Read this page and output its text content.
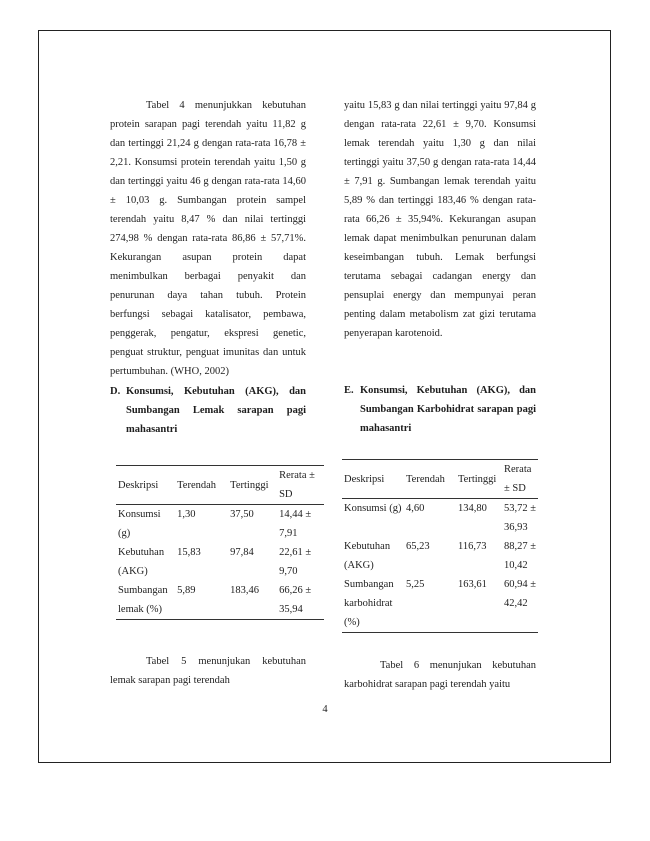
Tabel 4 menunjukkan kebutuhan protein sarapan pagi terendah yaitu 11,82 g dan tertinggi 21,24 g dengan rata-rata 16,78 ± 2,21. Konsumsi protein terendah yaitu 1,50 g dan tertinggi yaitu 46 g dengan rata-rata 14,60 ± 10,03 g. Sumbangan protein sampel terendah yaitu 8,47 % dan nilai tertinggi 274,98 % dengan rata-rata 86,86 ± 57,71%. Kekurangan asupan protein dapat menimbulkan berbagai penyakit dan penurunan daya tahan tubuh. Protein berfungsi sebagai katalisator, pembawa, penggerak, pengatur, ekspresi genetic, penguat struktur, penguat imunitas dan untuk pertumbuhan. (WHO, 2002)

D. Konsumsi, Kebutuhan (AKG), dan Sumbangan Lemak sarapan pagi mahasantri
Deskripsi	Terendah	Tertinggi	Rerata ± SD
Konsumsi (g)	1,30	37,50	14,44 ± 7,91
Kebutuhan (AKG)	15,83	97,84	22,61 ± 9,70
Sumbangan lemak (%)	5,89	183,46	66,26 ± 35,94

Tabel 5 menunjukan kebutuhan lemak sarapan pagi terendah

yaitu 15,83 g dan nilai tertinggi yaitu 97,84 g dengan rata-rata 22,61 ± 9,70. Konsumsi lemak terendah yaitu 1,30 g dan nilai tertinggi yaitu 37,50 g dengan rata-rata 14,44 ± 7,91 g. Sumbangan lemak terendah yaitu 5,89 % dan tertinggi 183,46 % dengan rata-rata 66,26 ± 35,94%. Kekurangan asupan lemak dapat menimbulkan penurunan dalam keseimbangan tubuh. Lemak berfungsi terutama sebagai cadangan energy dan pensuplai energy dan mempunyai peran penting dalam metabolism zat gizi terutama penyerapan karotenoid.

E. Konsumsi, Kebutuhan (AKG), dan Sumbangan Karbohidrat sarapan pagi mahasantri
Deskripsi	Terendah	Tertinggi	Rerata ± SD
Konsumsi (g)	4,60	134,80	53,72 ± 36,93
Kebutuhan (AKG)	65,23	116,73	88,27 ± 10,42
Sumbangan karbohidrat (%)	5,25	163,61	60,94 ± 42,42

Tabel 6 menunjukan kebutuhan karbohidrat sarapan pagi terendah yaitu

4
